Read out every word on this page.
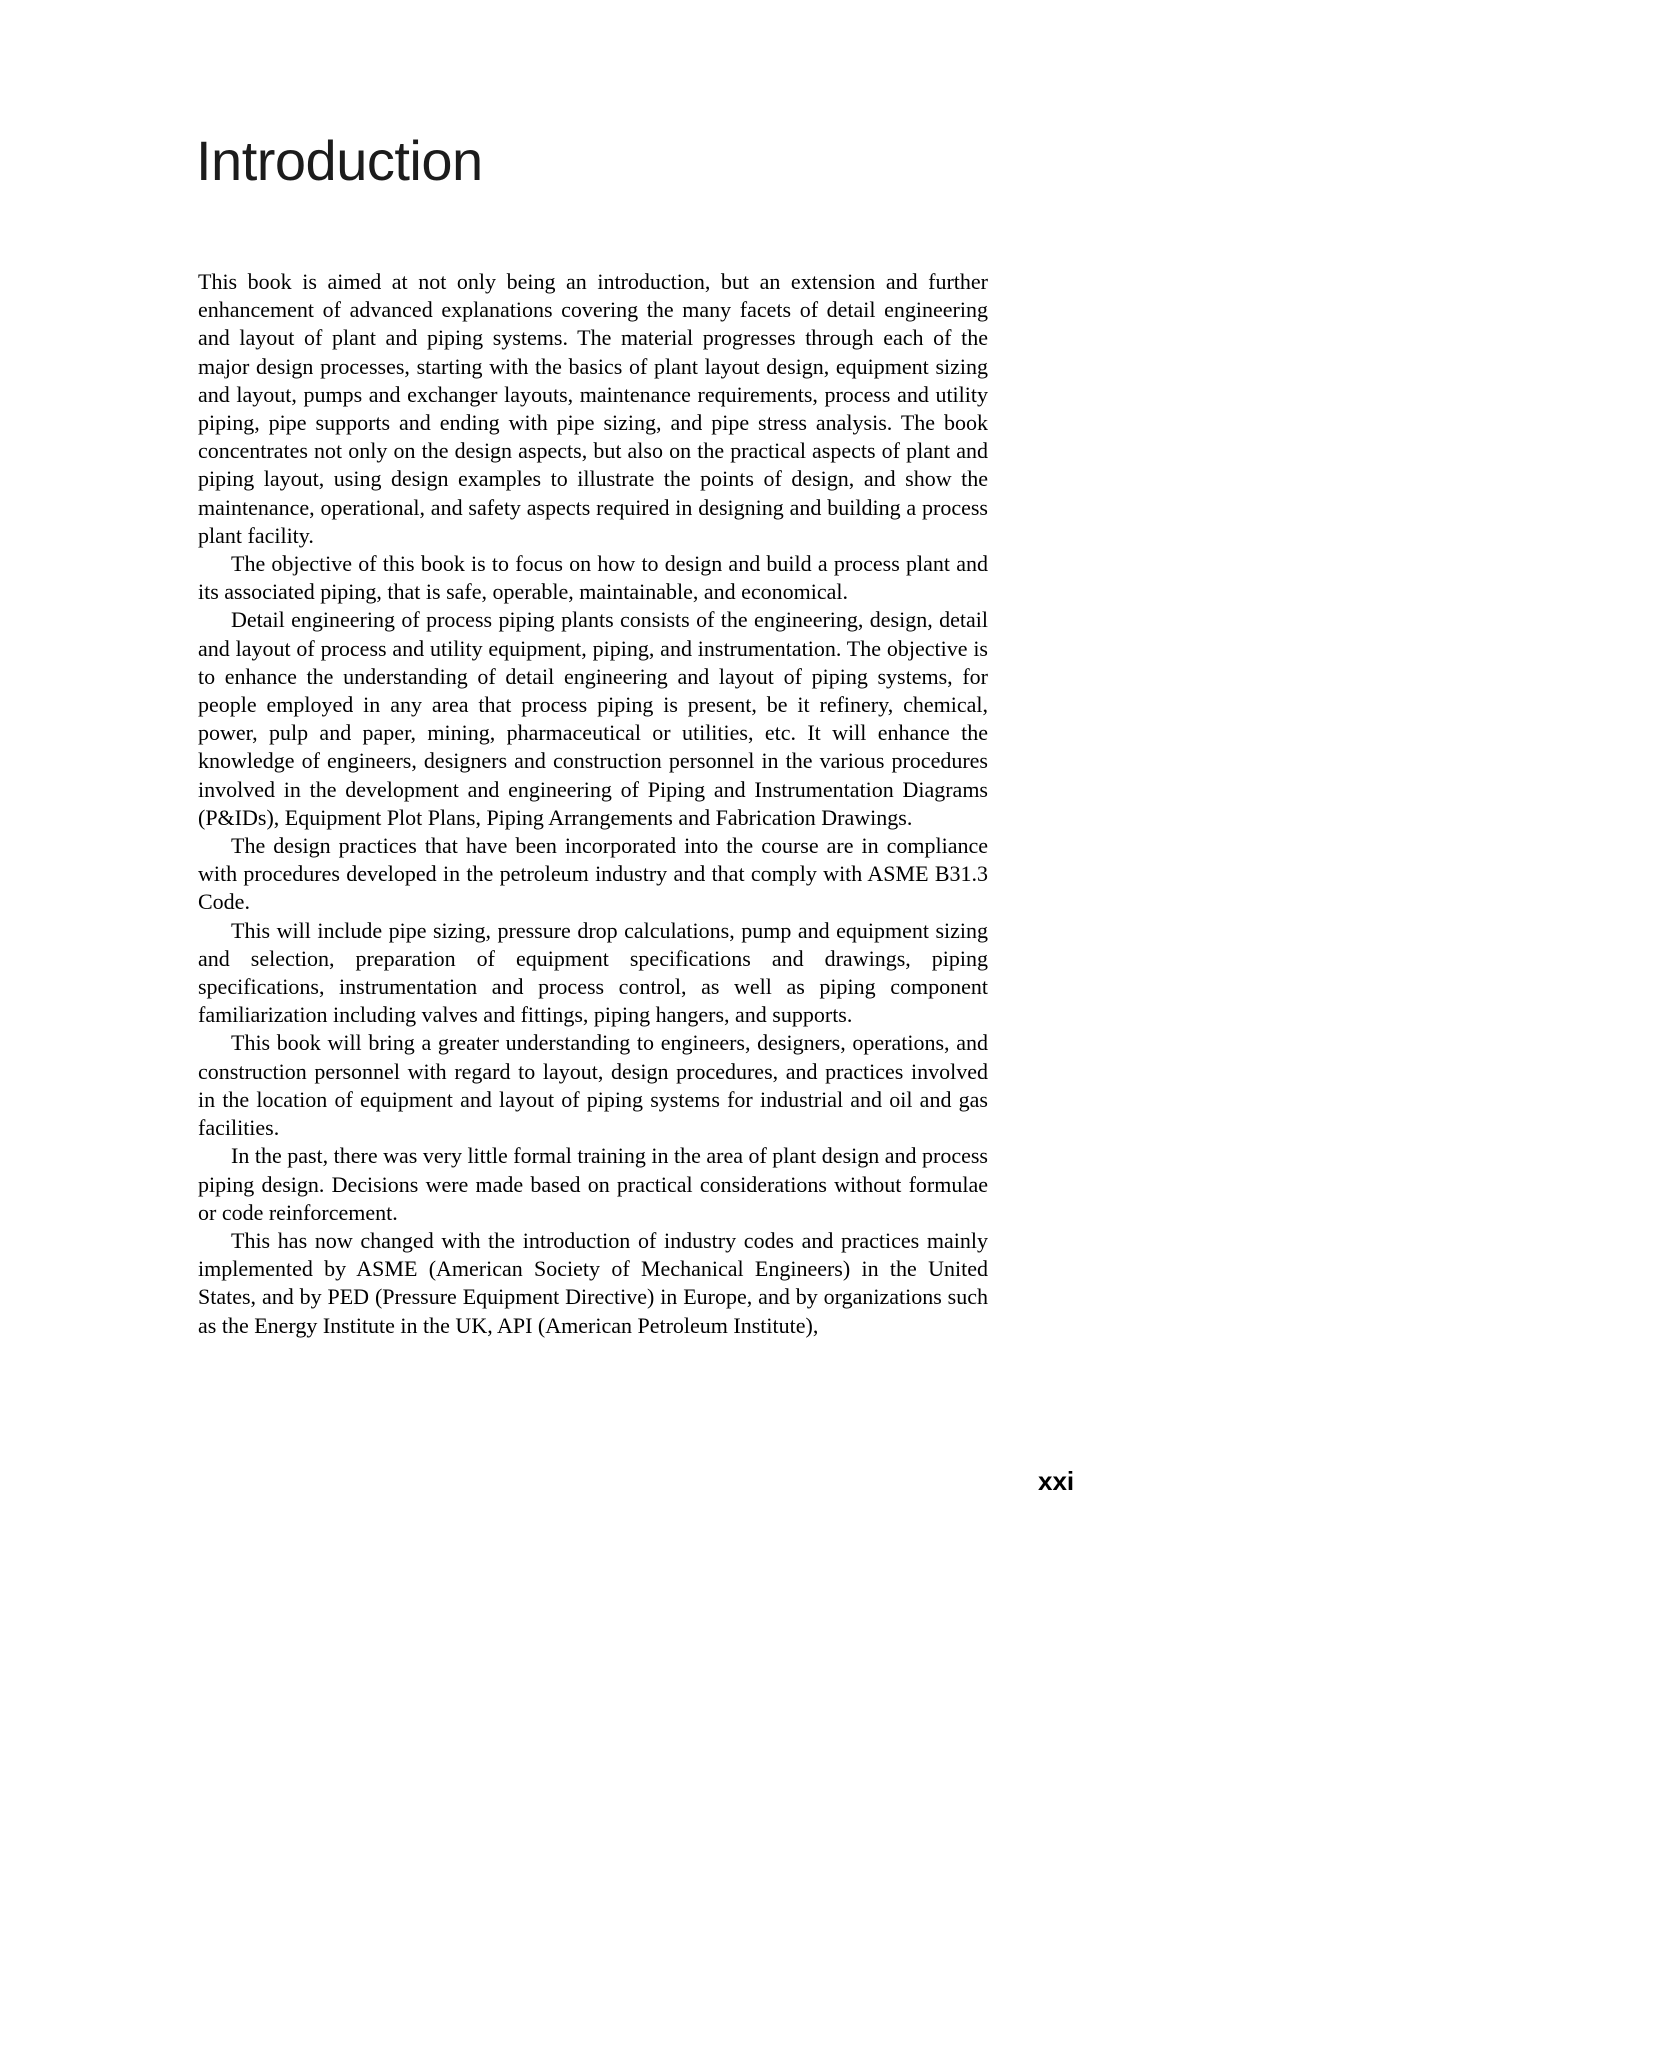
Introduction

This book is aimed at not only being an introduction, but an extension and further enhancement of advanced explanations covering the many facets of detail engineering and layout of plant and piping systems. The material progresses through each of the major design processes, starting with the basics of plant layout design, equipment sizing and layout, pumps and exchanger layouts, maintenance requirements, process and utility piping, pipe supports and ending with pipe sizing, and pipe stress analysis. The book concentrates not only on the design aspects, but also on the practical aspects of plant and piping layout, using design examples to illustrate the points of design, and show the maintenance, operational, and safety aspects required in designing and building a process plant facility.

The objective of this book is to focus on how to design and build a process plant and its associated piping, that is safe, operable, maintainable, and economical.

Detail engineering of process piping plants consists of the engineering, design, detail and layout of process and utility equipment, piping, and instrumentation. The objective is to enhance the understanding of detail engineering and layout of piping systems, for people employed in any area that process piping is present, be it refinery, chemical, power, pulp and paper, mining, pharmaceutical or utilities, etc. It will enhance the knowledge of engineers, designers and construction personnel in the various procedures involved in the development and engineering of Piping and Instrumentation Diagrams (P&IDs), Equipment Plot Plans, Piping Arrangements and Fabrication Drawings.

The design practices that have been incorporated into the course are in compliance with procedures developed in the petroleum industry and that comply with ASME B31.3 Code.

This will include pipe sizing, pressure drop calculations, pump and equipment sizing and selection, preparation of equipment specifications and drawings, piping specifications, instrumentation and process control, as well as piping component familiarization including valves and fittings, piping hangers, and supports.

This book will bring a greater understanding to engineers, designers, operations, and construction personnel with regard to layout, design procedures, and practices involved in the location of equipment and layout of piping systems for industrial and oil and gas facilities.

In the past, there was very little formal training in the area of plant design and process piping design. Decisions were made based on practical considerations without formulae or code reinforcement.

This has now changed with the introduction of industry codes and practices mainly implemented by ASME (American Society of Mechanical Engineers) in the United States, and by PED (Pressure Equipment Directive) in Europe, and by organizations such as the Energy Institute in the UK, API (American Petroleum Institute),

xxi
